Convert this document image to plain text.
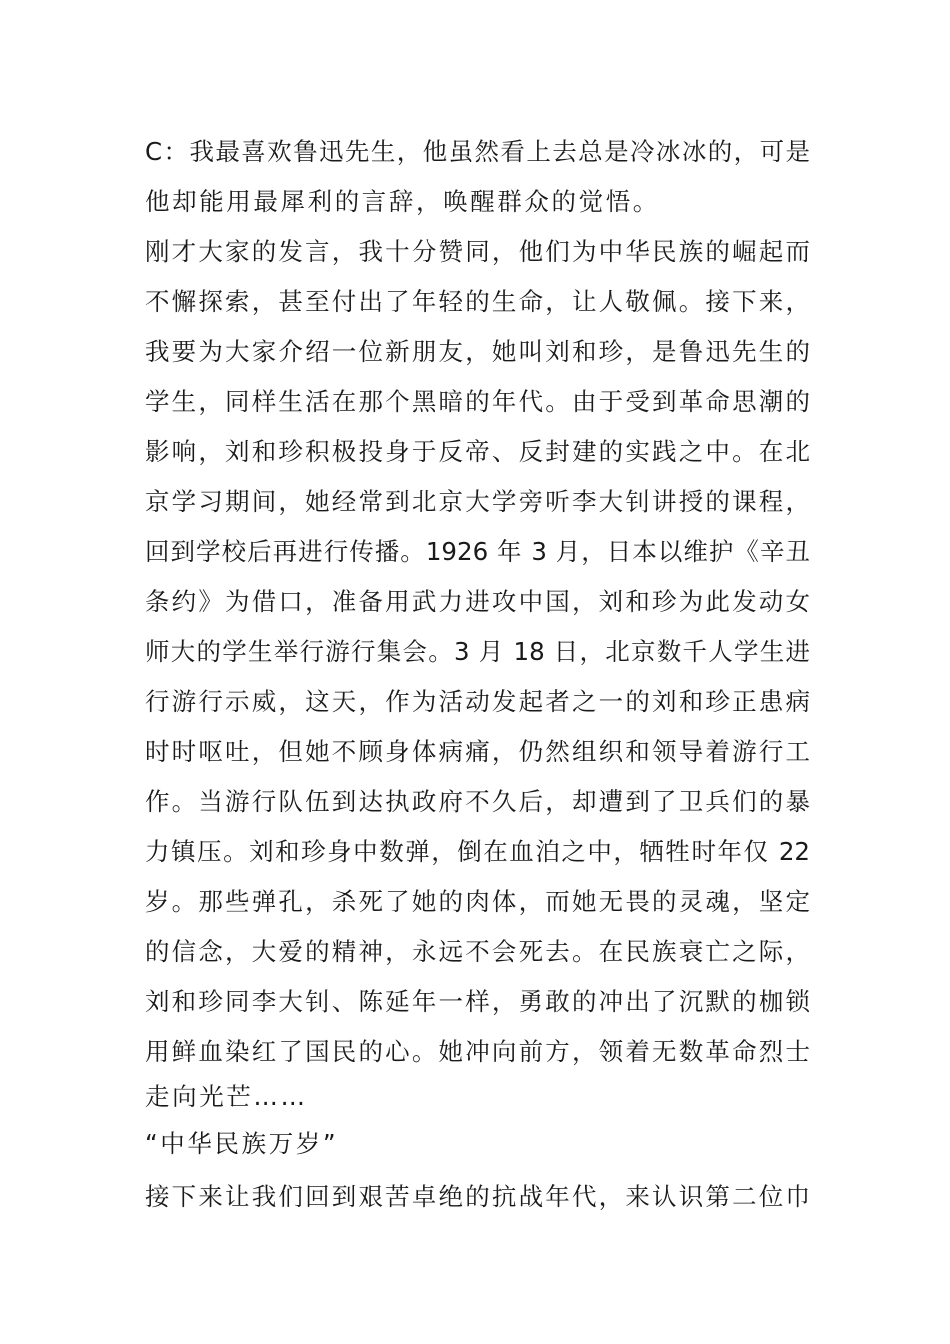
C：我最喜欢鲁迅先生，他虽然看上去总是冷冰冰的，可是
他却能用最犀利的言辞，唤醒群众的觉悟。
刚才大家的发言，我十分赞同，他们为中华民族的崛起而
不懈探索，甚至付出了年轻的生命，让人敬佩。接下来，
我要为大家介绍一位新朋友，她叫刘和珍，是鲁迅先生的
学生，同样生活在那个黑暗的年代。由于受到革命思潮的
影响，刘和珍积极投身于反帝、反封建的实践之中。在北
京学习期间，她经常到北京大学旁听李大钊讲授的课程，
回到学校后再进行传播。1926 年 3 月，日本以维护《辛丑
条约》为借口，准备用武力进攻中国，刘和珍为此发动女
师大的学生举行游行集会。3 月 18 日，北京数千人学生进
行游行示威，这天，作为活动发起者之一的刘和珍正患病
时时呕吐，但她不顾身体病痛，仍然组织和领导着游行工
作。当游行队伍到达执政府不久后，却遭到了卫兵们的暴
力镇压。刘和珍身中数弹，倒在血泊之中，牺牲时年仅 22
岁。那些弹孔，杀死了她的肉体，而她无畏的灵魂，坚定
的信念，大爱的精神，永远不会死去。在民族衰亡之际，
刘和珍同李大钊、陈延年一样，勇敢的冲出了沉默的枷锁
用鲜血染红了国民的心。她冲向前方，领着无数革命烈士
走向光芒……
“中华民族万岁”
接下来让我们回到艰苦卓绝的抗战年代，来认识第二位巾
